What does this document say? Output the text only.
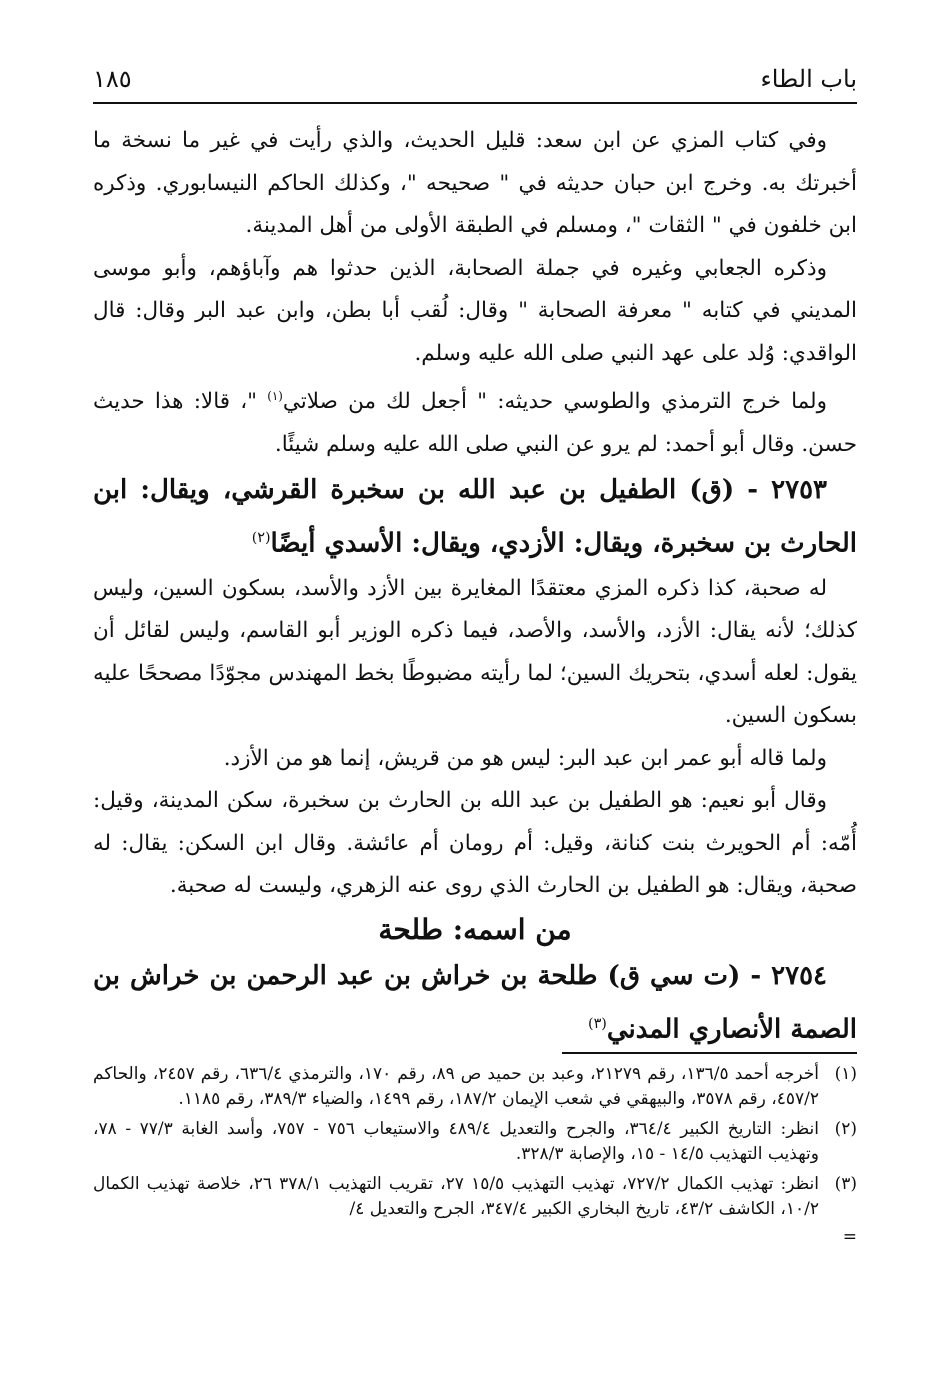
باب الطاء
١٨٥

وفي كتاب المزي عن ابن سعد: قليل الحديث، والذي رأيت في غير ما نسخة ما أخبرتك به. وخرج ابن حبان حديثه في " صحيحه "، وكذلك الحاكم النيسابوري. وذكره ابن خلفون في " الثقات "، ومسلم في الطبقة الأولى من أهل المدينة.

وذكره الجعابي وغيره في جملة الصحابة، الذين حدثوا هم وآباؤهم، وأبو موسى المديني في كتابه " معرفة الصحابة " وقال: لُقب أبا بطن، وابن عبد البر وقال: قال الواقدي: وُلد على عهد النبي صلى الله عليه وسلم.

ولما خرج الترمذي والطوسي حديثه: " أجعل لك من صلاتي$^{(١)}$ "، قالا: هذا حديث حسن. وقال أبو أحمد: لم يرو عن النبي صلى الله عليه وسلم شيئًا.

٢٧٥٣ - (ق) الطفيل بن عبد الله بن سخبرة القرشي، ويقال: ابن الحارث بن سخبرة، ويقال: الأزدي، ويقال: الأسدي أيضًا$^{(٢)}$

له صحبة، كذا ذكره المزي معتقدًا المغايرة بين الأزد والأسد، بسكون السين، وليس كذلك؛ لأنه يقال: الأزد، والأسد، والأصد، فيما ذكره الوزير أبو القاسم، وليس لقائل أن يقول: لعله أسدي، بتحريك السين؛ لما رأيته مضبوطًا بخط المهندس مجوّدًا مصححًا عليه بسكون السين.

ولما قاله أبو عمر ابن عبد البر: ليس هو من قريش، إنما هو من الأزد.

وقال أبو نعيم: هو الطفيل بن عبد الله بن الحارث بن سخبرة، سكن المدينة، وقيل: أُمّه: أم الحويرث بنت كنانة، وقيل: أم رومان أم عائشة. وقال ابن السكن: يقال: له صحبة، ويقال: هو الطفيل بن الحارث الذي روى عنه الزهري، وليست له صحبة.

من اسمه: طلحة

٢٧٥٤ - (ت سي ق) طلحة بن خراش بن عبد الرحمن بن خراش بن الصمة الأنصاري المدني$^{(٣)}$

(١)
أخرجه أحمد ١٣٦/٥، رقم ٢١٢٧٩، وعبد بن حميد ص ٨٩، رقم ١٧٠، والترمذي ٦٣٦/٤، رقم ٢٤٥٧، والحاكم ٤٥٧/٢، رقم ٣٥٧٨، والبيهقي في شعب الإيمان ١٨٧/٢، رقم ١٤٩٩، والضياء ٣٨٩/٣، رقم ١١٨٥.

(٢)
انظر: التاريخ الكبير ٣٦٤/٤، والجرح والتعديل ٤٨٩/٤ والاستيعاب ٧٥٦ - ٧٥٧، وأسد الغابة ٧٧/٣ - ٧٨، وتهذيب التهذيب ١٤/٥ - ١٥، والإصابة ٣٢٨/٣.

(٣)
انظر: تهذيب الكمال ٧٢٧/٢، تهذيب التهذيب ١٥/٥ ٢٧، تقريب التهذيب ٣٧٨/١ ٢٦، خلاصة تهذيب الكمال ١٠/٢، الكاشف ٤٣/٢، تاريخ البخاري الكبير ٣٤٧/٤، الجرح والتعديل ٤/

=
